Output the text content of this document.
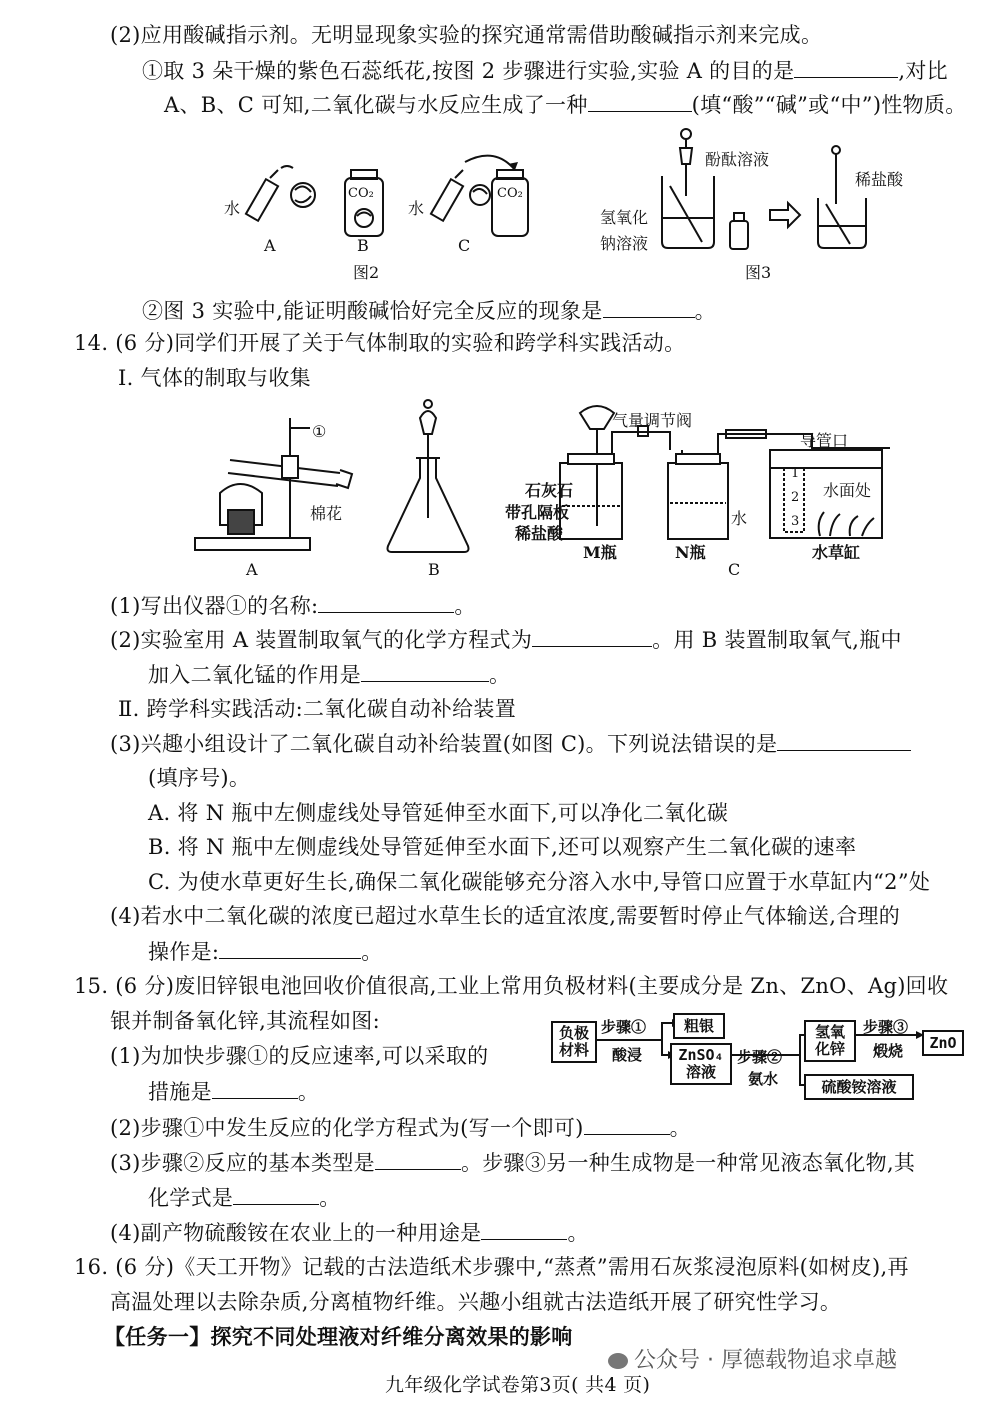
(2)应用酸碱指示剂。无明显现象实验的探究通常需借助酸碱指示剂来完成。
①取 3 朵干燥的紫色石蕊纸花,按图 2 步骤进行实验,实验 A 的目的是	,对比
A、B、C 可知,二氧化碳与水反应生成了一种	(填“酸”“碱”或“中”)性物质。
水
CO₂
水
CO₂
A	B	C
图2
酚酞溶液
氢氧化
钠溶液
稀盐酸
图3
②图 3 实验中,能证明酸碱恰好完全反应的现象是	。
14. (6 分)同学们开展了关于气体制取的实验和跨学科实践活动。
Ⅰ. 气体的制取与收集
①
棉花
A	B
气量调节阀
石灰石
带孔隔板
稀盐酸
M瓶
水
N瓶
导管口
水面处
1
2
3
水草缸
C
(1)写出仪器①的名称:	。
(2)实验室用 A 装置制取氧气的化学方程式为	。用 B 装置制取氧气,瓶中
加入二氧化锰的作用是	。
Ⅱ. 跨学科实践活动:二氧化碳自动补给装置
(3)兴趣小组设计了二氧化碳自动补给装置(如图 C)。下列说法错误的是
(填序号)。
A. 将 N 瓶中左侧虚线处导管延伸至水面下,可以净化二氧化碳
B. 将 N 瓶中左侧虚线处导管延伸至水面下,还可以观察产生二氧化碳的速率
C. 为使水草更好生长,确保二氧化碳能够充分溶入水中,导管口应置于水草缸内“2”处
(4)若水中二氧化碳的浓度已超过水草生长的适宜浓度,需要暂时停止气体输送,合理的
操作是:	。
15. (6 分)废旧锌银电池回收价值很高,工业上常用负极材料(主要成分是 Zn、ZnO、Ag)回收
银并制备氧化锌,其流程如图:	负极
材料
步骤①
酸浸
粗银
ZnSO₄
溶液
步骤②
氨水
氢氧
化锌
步骤③
煅烧	ZnO
硫酸铵溶液
(1)为加快步骤①的反应速率,可以采取的
措施是	。
(2)步骤①中发生反应的化学方程式为(写一个即可)	。
(3)步骤②反应的基本类型是	。步骤③另一种生成物是一种常见液态氧化物,其
化学式是	。
(4)副产物硫酸铵在农业上的一种用途是	。
16. (6 分)《天工开物》记载的古法造纸术步骤中,“蒸煮”需用石灰浆浸泡原料(如树皮),再
高温处理以去除杂质,分离植物纤维。兴趣小组就古法造纸开展了研究性学习。
【任务一】探究不同处理液对纤维分离效果的影响
公众号 · 厚德载物追求卓越
九年级化学试卷第3页( 共4 页)
